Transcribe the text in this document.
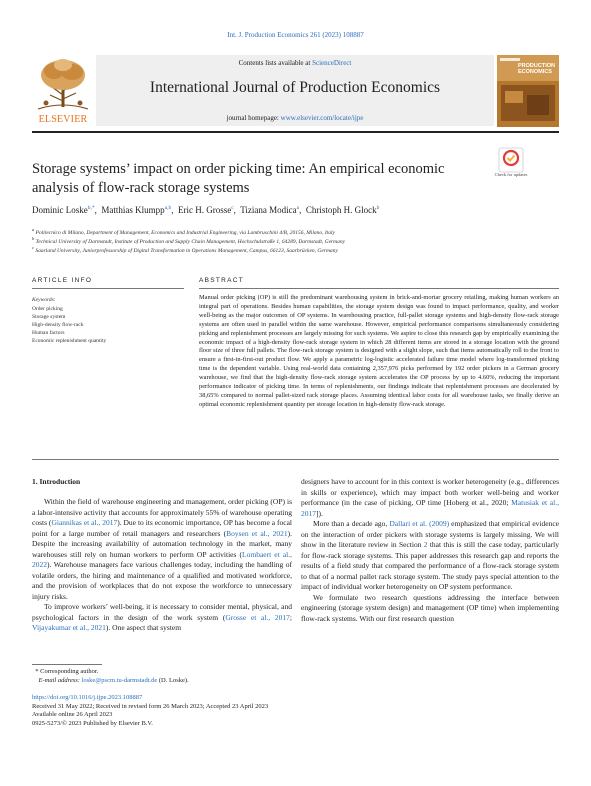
Int. J. Production Economics 261 (2023) 108887
ELSEVIER
Contents lists available at ScienceDirect
International Journal of Production Economics
journal homepage: www.elsevier.com/locate/ijpe
PRODUCTION
ECONOMICS
Storage systems’ impact on order picking time: An empirical economic analysis of flow-rack storage systems
Check for updates
Dominic Loske$^{b,*}$,  Matthias Klumpp$^{a,b}$,  Eric H. Grosse$^c$,  Tiziana Modica$^a$,  Christoph H. Glock$^b$
$^a$ Politecnico di Milano, Department of Management, Economics and Industrial Engineering, via Lambruschini 4/B, 20156, Milano, Italy
$^b$ Technical University of Darmstadt, Institute of Production and Supply Chain Management, Hochschulstraße 1, 64289, Darmstadt, Germany
$^c$ Saarland University, Juniorprofessorship of Digital Transformation in Operations Management, Campus, 66123, Saarbrücken, Germany
ARTICLE INFO	ABSTRACT
Keywords:
Order picking
Storage system
High-density flow-rack
Human factors
Economic replenishment quantity
Manual order picking (OP) is still the predominant warehousing system in brick-and-mortar grocery retailing, making human workers an integral part of operations. Besides human capabilities, the storage system design was found to impact performance, quality, and worker well-being as the major outcomes of OP systems. In warehousing practice, full-pallet storage systems and high-density flow-rack storage systems are often used in parallel within the same warehouse. However, empirical performance comparisons simultaneously considering picking and replenishment processes are largely missing for such systems. We aspire to close this research gap by empirically examining the economic impact of a high-density flow-rack storage system in which 28 different items are stored in a storage location with the ground floor size of three full pallets. The flow-rack storage system is designed with a slight slope, such that items automatically roll to the front to ensure a first-in-first-out product flow. We apply a parametric log-logistic accelerated failure time model where log-transformed picking time is the dependent variable. Using real-world data containing 2,357,976 picks performed by 192 order pickers in a German grocery warehouse, we find that the high-density flow-rack storage system accelerates the OP process by up to 4.60%, reducing the important performance indicator of picking time. In terms of replenishments, our findings indicate that replenishment processes are decelerated by 38,65% compared to normal pallet-sized rack storage places. Assuming identical labor costs for all warehouse tasks, we finally derive an optimal economic replenishment quantity per storage location in high-density flow-rack storage.
1. Introduction

Within the field of warehouse engineering and management, order picking (OP) is a labor-intensive activity that accounts for approximately 55% of warehouse operating costs (Giannikas et al., 2017). Due to its economic importance, OP has become a focal point for a large number of retail managers and researchers (Boysen et al., 2021). Despite the increasing availability of automation technology in the market, many warehouses still rely on human workers to perform OP activities (Lombaert et al., 2022). Warehouse managers face various challenges today, including the handling of volatile orders, the hiring and maintenance of a qualified and motivated workforce, and the provision of workplaces that do not expose the workforce to unnecessary injury risks.

To improve workers’ well-being, it is necessary to consider mental, physical, and psychological factors in the design of the work system (Grosse et al., 2017; Vijayakumar et al., 2021). One aspect that system

designers have to account for in this context is worker heterogeneity (e.g., differences in skills or experience), which may impact both worker well-being and worker performance (in the case of picking, OP time [Hoberg et al., 2020; Matusiak et al., 2017]).

More than a decade ago, Dallari et al. (2009) emphasized that empirical evidence on the interaction of order pickers with storage systems is largely missing. We will show in the literature review in Section 2 that this is still the case today, particularly for flow-rack storage systems. This paper addresses this research gap and reports the results of a field study that compared the performance of a flow-rack storage system to that of a normal pallet rack storage system. The study pays special attention to the impact of individual worker heterogeneity on OP system performance.

We formulate two research questions addressing the interface between engineering (storage system design) and management (OP time) when implementing flow-rack systems. With our first research question

* Corresponding author.
E-mail address: loske@pscm.tu-darmstadt.de (D. Loske).
https://doi.org/10.1016/j.ijpe.2023.108887
Received 31 May 2022; Received in revised form 26 March 2023; Accepted 23 April 2023
Available online 26 April 2023
0925-5273/© 2023 Published by Elsevier B.V.
